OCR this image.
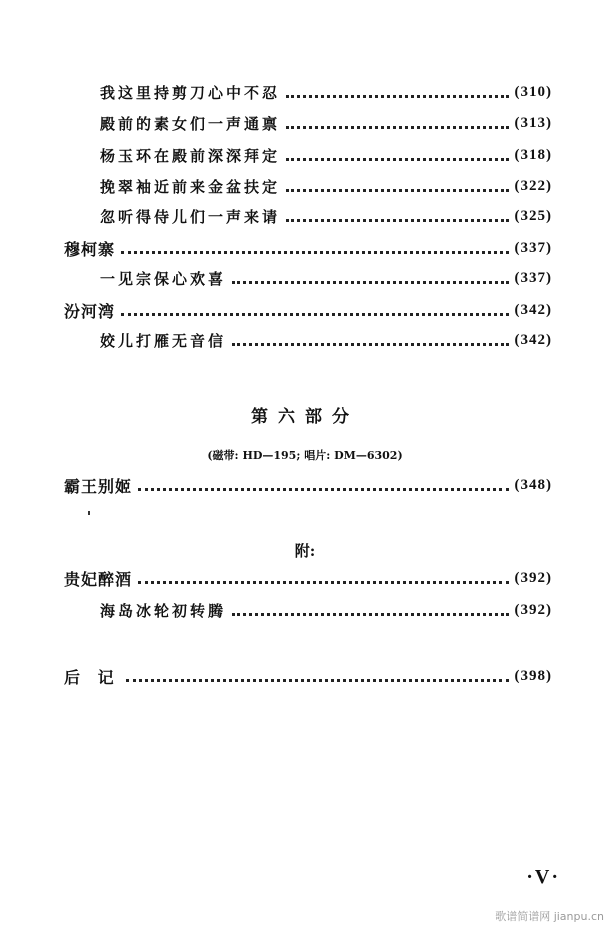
我这里持剪刀心中不忍	(310)
殿前的素女们一声通禀	(313)
杨玉环在殿前深深拜定	(318)
挽翠袖近前来金盆扶定	(322)
忽听得侍儿们一声来请	(325)
穆柯寨	(337)
一见宗保心欢喜	(337)
汾河湾	(342)
姣儿打雁无音信	(342)
第六部分
(磁带: HD—195; 唱片: DM—6302)
霸王别姬	(348)
附:
贵妃醉酒	(392)
海岛冰轮初转腾	(392)
后 记	(398)
·V·
歌谱简谱网 jianpu.cn
